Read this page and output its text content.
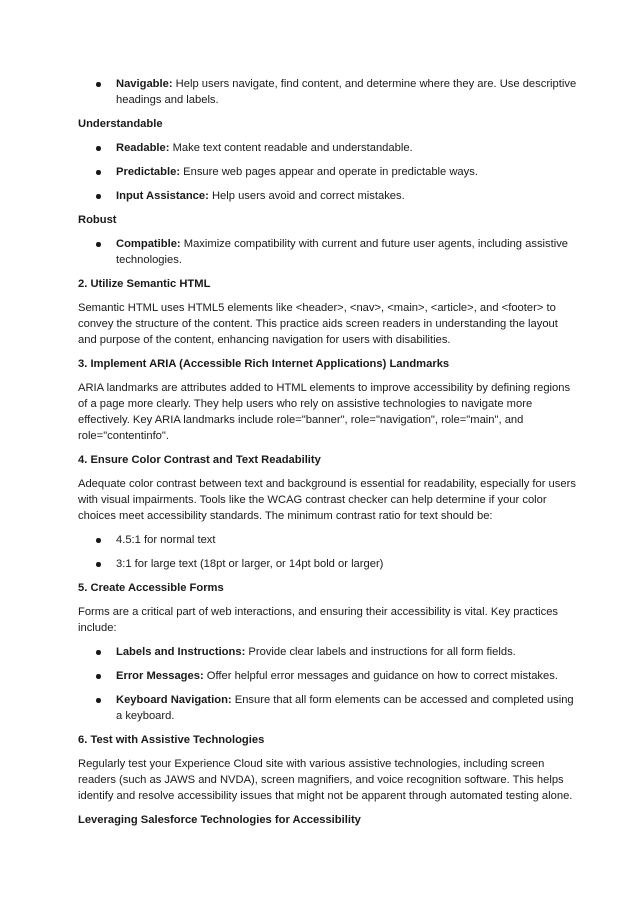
Navigable: Help users navigate, find content, and determine where they are. Use descriptive headings and labels.
Understandable
Readable: Make text content readable and understandable.
Predictable: Ensure web pages appear and operate in predictable ways.
Input Assistance: Help users avoid and correct mistakes.
Robust
Compatible: Maximize compatibility with current and future user agents, including assistive technologies.
2. Utilize Semantic HTML

Semantic HTML uses HTML5 elements like <header>, <nav>, <main>, <article>, and <footer> to convey the structure of the content. This practice aids screen readers in understanding the layout and purpose of the content, enhancing navigation for users with disabilities.

3. Implement ARIA (Accessible Rich Internet Applications) Landmarks

ARIA landmarks are attributes added to HTML elements to improve accessibility by defining regions of a page more clearly. They help users who rely on assistive technologies to navigate more effectively. Key ARIA landmarks include role="banner", role="navigation", role="main", and role="contentinfo".

4. Ensure Color Contrast and Text Readability

Adequate color contrast between text and background is essential for readability, especially for users with visual impairments. Tools like the WCAG contrast checker can help determine if your color choices meet accessibility standards. The minimum contrast ratio for text should be:

4.5:1 for normal text
3:1 for large text (18pt or larger, or 14pt bold or larger)
5. Create Accessible Forms

Forms are a critical part of web interactions, and ensuring their accessibility is vital. Key practices include:

Labels and Instructions: Provide clear labels and instructions for all form fields.
Error Messages: Offer helpful error messages and guidance on how to correct mistakes.
Keyboard Navigation: Ensure that all form elements can be accessed and completed using a keyboard.
6. Test with Assistive Technologies

Regularly test your Experience Cloud site with various assistive technologies, including screen readers (such as JAWS and NVDA), screen magnifiers, and voice recognition software. This helps identify and resolve accessibility issues that might not be apparent through automated testing alone.

Leveraging Salesforce Technologies for Accessibility
